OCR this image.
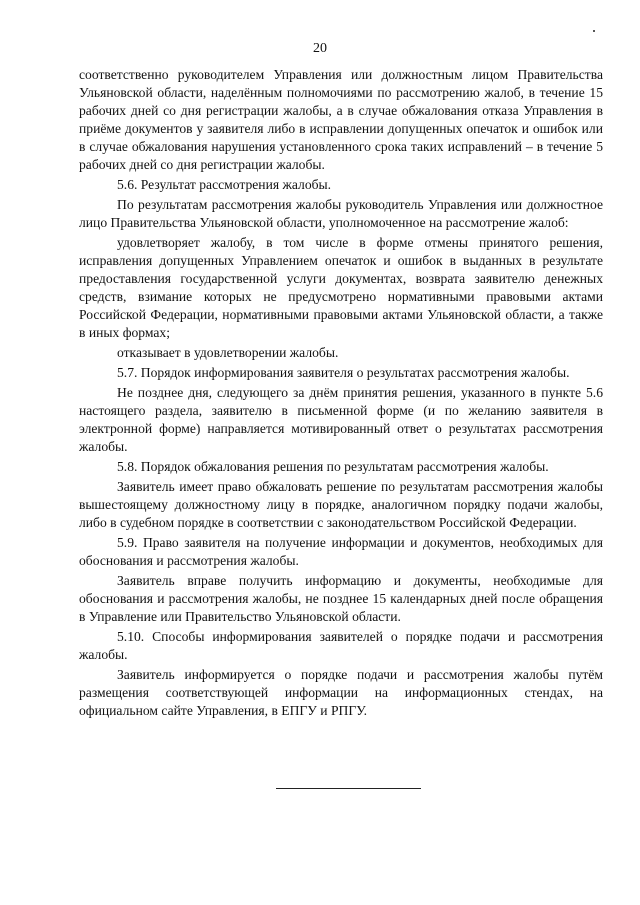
20

соответственно руководителем Управления или должностным лицом Правительства Ульяновской области, наделённым полномочиями по рассмотрению жалоб, в течение 15 рабочих дней со дня регистрации жалобы, а в случае обжалования отказа Управления в приёме документов у заявителя либо в исправлении допущенных опечаток и ошибок или в случае обжалования нарушения установленного срока таких исправлений – в течение 5 рабочих дней со дня регистрации жалобы.

5.6. Результат рассмотрения жалобы.

По результатам рассмотрения жалобы руководитель Управления или должностное лицо Правительства Ульяновской области, уполномоченное на рассмотрение жалоб:

удовлетворяет жалобу, в том числе в форме отмены принятого решения, исправления допущенных Управлением опечаток и ошибок в выданных в результате предоставления государственной услуги документах, возврата заявителю денежных средств, взимание которых не предусмотрено нормативными правовыми актами Российской Федерации, нормативными правовыми актами Ульяновской области, а также в иных формах;

отказывает в удовлетворении жалобы.

5.7. Порядок информирования заявителя о результатах рассмотрения жалобы.

Не позднее дня, следующего за днём принятия решения, указанного в пункте 5.6 настоящего раздела, заявителю в письменной форме (и по желанию заявителя в электронной форме) направляется мотивированный ответ о результатах рассмотрения жалобы.

5.8. Порядок обжалования решения по результатам рассмотрения жалобы.

Заявитель имеет право обжаловать решение по результатам рассмотрения жалобы вышестоящему должностному лицу в порядке, аналогичном порядку подачи жалобы, либо в судебном порядке в соответствии с законодательством Российской Федерации.

5.9. Право заявителя на получение информации и документов, необходимых для обоснования и рассмотрения жалобы.

Заявитель вправе получить информацию и документы, необходимые для обоснования и рассмотрения жалобы, не позднее 15 календарных дней после обращения в Управление или Правительство Ульяновской области.

5.10. Способы информирования заявителей о порядке подачи и рассмотрения жалобы.

Заявитель информируется о порядке подачи и рассмотрения жалобы путём размещения соответствующей информации на информационных стендах, на официальном сайте Управления, в ЕПГУ и РПГУ.
